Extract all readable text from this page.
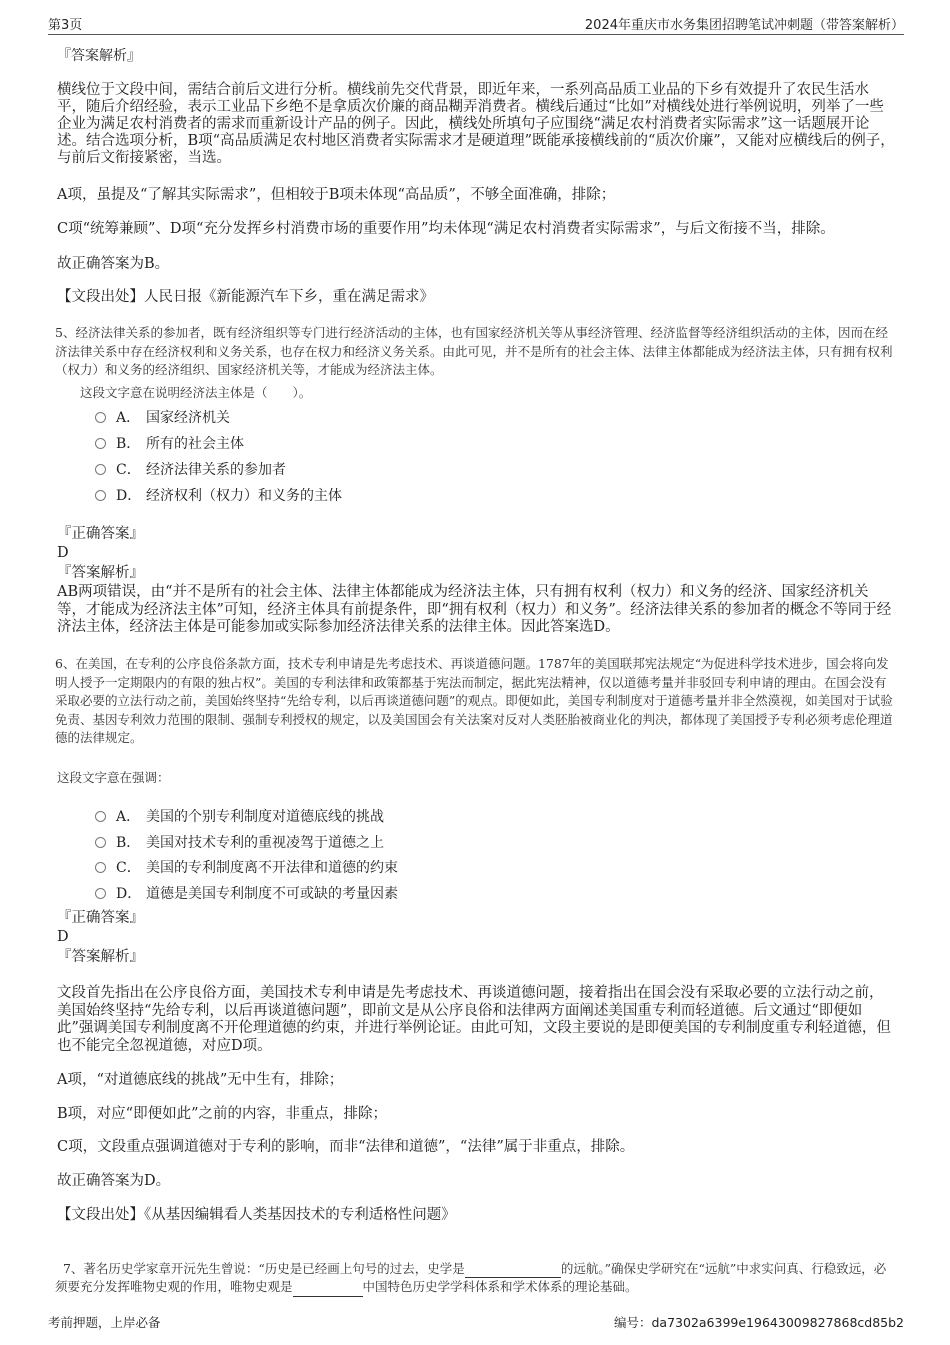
第3页	2024年重庆市水务集团招聘笔试冲刺题（带答案解析）
『答案解析』
横线位于文段中间，需结合前后文进行分析。横线前先交代背景，即近年来，一系列高品质工业品的下乡有效提升了农民生活水平，随后介绍经验，表示工业品下乡绝不是拿质次价廉的商品糊弄消费者。横线后通过“比如”对横线处进行举例说明，列举了一些企业为满足农村消费者的需求而重新设计产品的例子。因此，横线处所填句子应围绕“满足农村消费者实际需求”这一话题展开论述。结合选项分析，B项“高品质满足农村地区消费者实际需求才是硬道理”既能承接横线前的“质次价廉”，又能对应横线后的例子，与前后文衔接紧密，当选。
A项，虽提及“了解其实际需求”，但相较于B项未体现“高品质”，不够全面准确，排除；
C项“统筹兼顾”、D项“充分发挥乡村消费市场的重要作用”均未体现“满足农村消费者实际需求”，与后文衔接不当，排除。
故正确答案为B。
【文段出处】人民日报《新能源汽车下乡，重在满足需求》
5、经济法律关系的参加者，既有经济组织等专门进行经济活动的主体，也有国家经济机关等从事经济管理、经济监督等经济组织活动的主体，因而在经济法律关系中存在经济权利和义务关系，也存在权力和经济义务关系。由此可见，并不是所有的社会主体、法律主体都能成为经济法主体，只有拥有权利（权力）和义务的经济组织、国家经济机关等，才能成为经济法主体。
这段文字意在说明经济法主体是（　　）。
A． 国家经济机关
B． 所有的社会主体
C． 经济法律关系的参加者
D． 经济权利（权力）和义务的主体
『正确答案』
D
『答案解析』
AB两项错误，由“并不是所有的社会主体、法律主体都能成为经济法主体，只有拥有权利（权力）和义务的经济、国家经济机关等，才能成为经济法主体”可知，经济主体具有前提条件，即“拥有权利（权力）和义务”。经济法律关系的参加者的概念不等同于经济法主体，经济法主体是可能参加或实际参加经济法律关系的法律主体。因此答案选D。
6、在美国，在专利的公序良俗条款方面，技术专利申请是先考虑技术、再谈道德问题。1787年的美国联邦宪法规定“为促进科学技术进步，国会将向发明人授予一定期限内的有限的独占权”。美国的专利法律和政策都基于宪法而制定，据此宪法精神，仅以道德考量并非驳回专利申请的理由。在国会没有采取必要的立法行动之前，美国始终坚持“先给专利，以后再谈道德问题”的观点。即便如此，美国专利制度对于道德考量并非全然漠视，如美国对于试验免责、基因专利效力范围的限制、强制专利授权的规定，以及美国国会有关法案对反对人类胚胎被商业化的判决，都体现了美国授予专利必须考虑伦理道德的法律规定。
这段文字意在强调：
A． 美国的个别专利制度对道德底线的挑战
B． 美国对技术专利的重视凌驾于道德之上
C． 美国的专利制度离不开法律和道德的约束
D． 道德是美国专利制度不可或缺的考量因素
『正确答案』
D
『答案解析』
文段首先指出在公序良俗方面，美国技术专利申请是先考虑技术、再谈道德问题，接着指出在国会没有采取必要的立法行动之前，美国始终坚持“先给专利，以后再谈道德问题”，即前文是从公序良俗和法律两方面阐述美国重专利而轻道德。后文通过“即便如此”强调美国专利制度离不开伦理道德的约束，并进行举例论证。由此可知，文段主要说的是即便美国的专利制度重专利轻道德，但也不能完全忽视道德，对应D项。
A项，“对道德底线的挑战”无中生有，排除；
B项，对应“即便如此”之前的内容，非重点，排除；
C项，文段重点强调道德对于专利的影响，而非“法律和道德”，“法律”属于非重点，排除。
故正确答案为D。
【文段出处】《从基因编辑看人类基因技术的专利适格性问题》

7、著名历史学家章开沅先生曾说：“历史是已经画上句号的过去，史学是	的远航。”确保史学研究在“远航”中求实问真、行稳致远，必须要充分发挥唯物史观的作用，唯物史观是	中国特色历史学学科体系和学术体系的理论基础。

考前押题，上岸必备	编号：da7302a6399e19643009827868cd85b2
